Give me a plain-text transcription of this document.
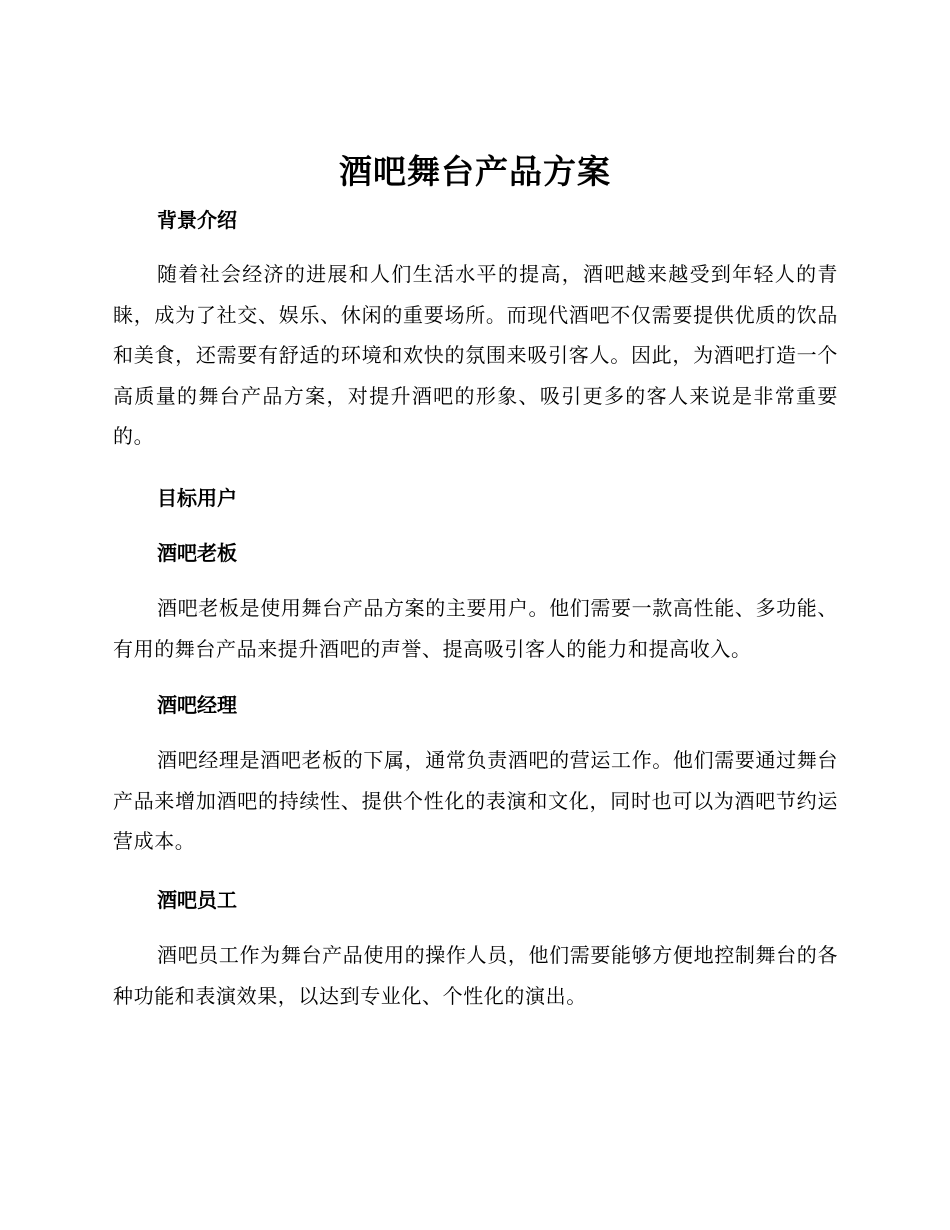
酒吧舞台产品方案
背景介绍

随着社会经济的进展和人们生活水平的提高，酒吧越来越受到年轻人的青睐，成为了社交、娱乐、休闲的重要场所。而现代酒吧不仅需要提供优质的饮品和美食，还需要有舒适的环境和欢快的氛围来吸引客人。因此，为酒吧打造一个高质量的舞台产品方案，对提升酒吧的形象、吸引更多的客人来说是非常重要的。

目标用户
酒吧老板

酒吧老板是使用舞台产品方案的主要用户。他们需要一款高性能、多功能、有用的舞台产品来提升酒吧的声誉、提高吸引客人的能力和提高收入。

酒吧经理

酒吧经理是酒吧老板的下属，通常负责酒吧的营运工作。他们需要通过舞台产品来增加酒吧的持续性、提供个性化的表演和文化，同时也可以为酒吧节约运营成本。

酒吧员工

酒吧员工作为舞台产品使用的操作人员，他们需要能够方便地控制舞台的各种功能和表演效果，以达到专业化、个性化的演出。
